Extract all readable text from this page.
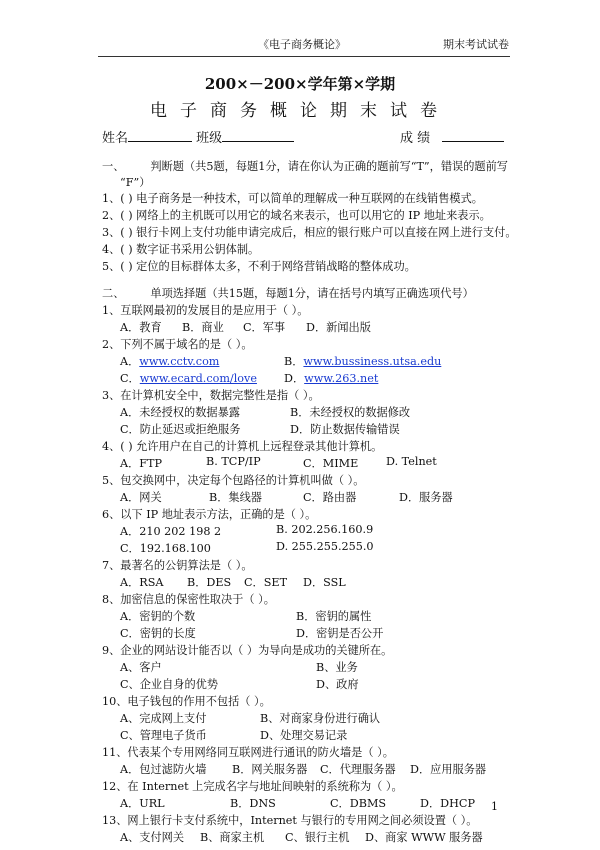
《电子商务概论》	期末考试试卷
200×－200×学年第×学期
电子商务概论期末试卷
姓名	班级	成 绩
一、 判断题（共5题，每题1分，请在你认为正确的题前写“T”，错误的题前写
“F”）
1、( ) 电子商务是一种技术，可以简单的理解成一种互联网的在线销售模式。
2、( ) 网络上的主机既可以用它的域名来表示，也可以用它的 IP 地址来表示。
3、( ) 银行卡网上支付功能申请完成后，相应的银行账户可以直接在网上进行支付。
4、( ) 数字证书采用公钥体制。
5、( ) 定位的目标群体太多，不利于网络营销战略的整体成功。
二、 单项选择题（共15题，每题1分，请在括号内填写正确选项代号）
1、互联网最初的发展目的是应用于（ ）。
A．教育 B．商业 C．军事 D．新闻出版
2、下列不属于域名的是（ ）。
A．www.cctv.com	B．www.bussiness.utsa.edu
C．www.ecard.com/love D．www.263.net
3、在计算机安全中，数据完整性是指（ ）。
A．未经授权的数据暴露	B．未经授权的数据修改
C．防止延迟或拒绝服务	D．防止数据传输错误
4、( ) 允许用户在自己的计算机上远程登录其他计算机。
A．FTP	B. TCP/IP	C．MIME D. Telnet
5、包交换网中，决定每个包路径的计算机叫做（ ）。
A．网关	B．集线器	C．路由器	D．服务器
6、以下 IP 地址表示方法，正确的是（ ）。
A．210 202 198 2	B. 202.256.160.9
C．192.168.100	D. 255.255.255.0
7、最著名的公钥算法是（ ）。
A．RSA B．DES C．SET D．SSL
8、加密信息的保密性取决于（ ）。
A．密钥的个数	B．密钥的属性
C．密钥的长度	D．密钥是否公开
9、企业的网站设计能否以（ ）为导向是成功的关键所在。
A、客户	B、业务
C、企业自身的优势	D、政府
10、电子钱包的作用不包括（ ）。
A、完成网上支付	B、对商家身份进行确认
C、管理电子货币	D、处理交易记录
11、代表某个专用网络同互联网进行通讯的防火墙是（ ）。
A．包过滤防火墙 B．网关服务器 C．代理服务器 D．应用服务器
12、在 Internet 上完成名字与地址间映射的系统称为（ ）。
A．URL	B．DNS	C．DBMS	D．DHCP
13、网上银行卡支付系统中，Internet 与银行的专用网之间必须设置（ ）。
A、支付网关 B、商家主机 C、银行主机 D、商家 WWW 服务器
1
